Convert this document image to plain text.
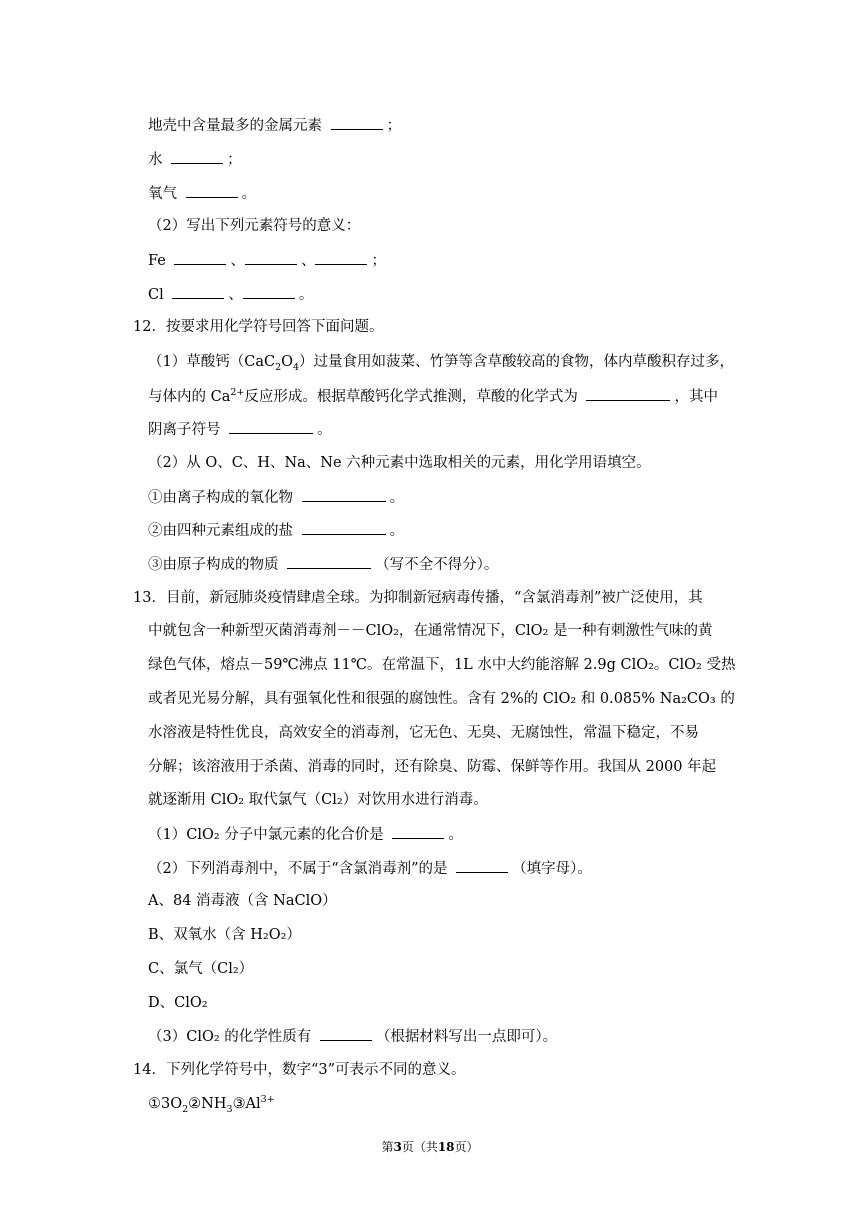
地壳中含量最多的金属元素	；
水	；
氧气	。
（2）写出下列元素符号的意义：
Fe	、	、	；
Cl	、	。
12．按要求用化学符号回答下面问题。
（1）草酸钙$(CaC_2O_4)$过量食用如菠菜、竹笋等含草酸较高的食物，体内草酸积存过多，
与体内的 $Ca^{2+}$反应形成。根据草酸钙化学式推测，草酸的化学式为	，其中
阴离子符号	。
（2）从 O、C、H、Na、Ne 六种元素中选取相关的元素，用化学用语填空。
①由离子构成的氧化物	。
②由四种元素组成的盐	。
③由原子构成的物质	（写不全不得分）。
13．目前，新冠肺炎疫情肆虐全球。为抑制新冠病毒传播，“含氯消毒剂”被广泛使用，其
中就包含一种新型灭菌消毒剂－－ClO₂，在通常情况下，ClO₂ 是一种有刺激性气味的黄
绿色气体，熔点－59℃沸点 11℃。在常温下，1L 水中大约能溶解 2.9g ClO₂。ClO₂ 受热
或者见光易分解，具有强氧化性和很强的腐蚀性。含有 2%的 ClO₂ 和 0.085% Na₂CO₃ 的
水溶液是特性优良，高效安全的消毒剂，它无色、无臭、无腐蚀性，常温下稳定，不易
分解；该溶液用于杀菌、消毒的同时，还有除臭、防霉、保鲜等作用。我国从 2000 年起
就逐渐用 ClO₂ 取代氯气（Cl₂）对饮用水进行消毒。
（1）ClO₂ 分子中氯元素的化合价是	。
（2）下列消毒剂中，不属于“含氯消毒剂”的是	（填字母）。
A、84 消毒液（含 NaClO）
B、双氧水（含 H₂O₂）
C、氯气（Cl₂）
D、ClO₂
（3）ClO₂ 的化学性质有	（根据材料写出一点即可）。
14．下列化学符号中，数字“3”可表示不同的意义。
$①3O_2②NH_3③Al^{3+}$
第3页（共18页）
